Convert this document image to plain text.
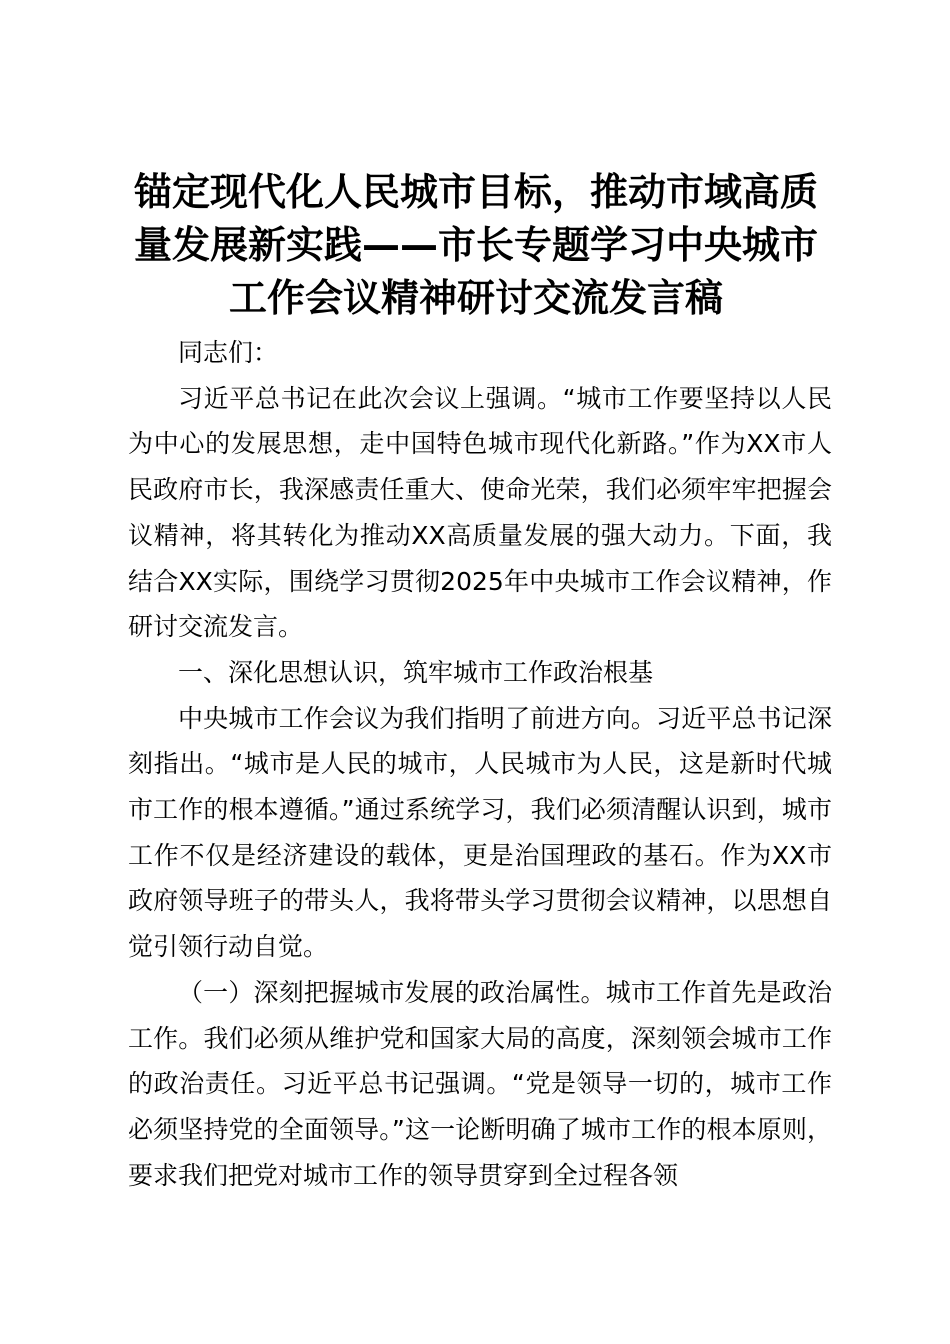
锚定现代化人民城市目标，推动市域高质量发展新实践——市长专题学习中央城市工作会议精神研讨交流发言稿

同志们：

习近平总书记在此次会议上强调。“城市工作要坚持以人民为中心的发展思想，走中国特色城市现代化新路。”作为XX市人民政府市长，我深感责任重大、使命光荣，我们必须牢牢把握会议精神，将其转化为推动XX高质量发展的强大动力。下面，我结合XX实际，围绕学习贯彻2025年中央城市工作会议精神，作研讨交流发言。

一、深化思想认识，筑牢城市工作政治根基

中央城市工作会议为我们指明了前进方向。习近平总书记深刻指出。“城市是人民的城市，人民城市为人民，这是新时代城市工作的根本遵循。”通过系统学习，我们必须清醒认识到，城市工作不仅是经济建设的载体，更是治国理政的基石。作为XX市政府领导班子的带头人，我将带头学习贯彻会议精神，以思想自觉引领行动自觉。

（一）深刻把握城市发展的政治属性。城市工作首先是政治工作。我们必须从维护党和国家大局的高度，深刻领会城市工作的政治责任。习近平总书记强调。“党是领导一切的，城市工作必须坚持党的全面领导。”这一论断明确了城市工作的根本原则，要求我们把党对城市工作的领导贯穿到全过程各领
